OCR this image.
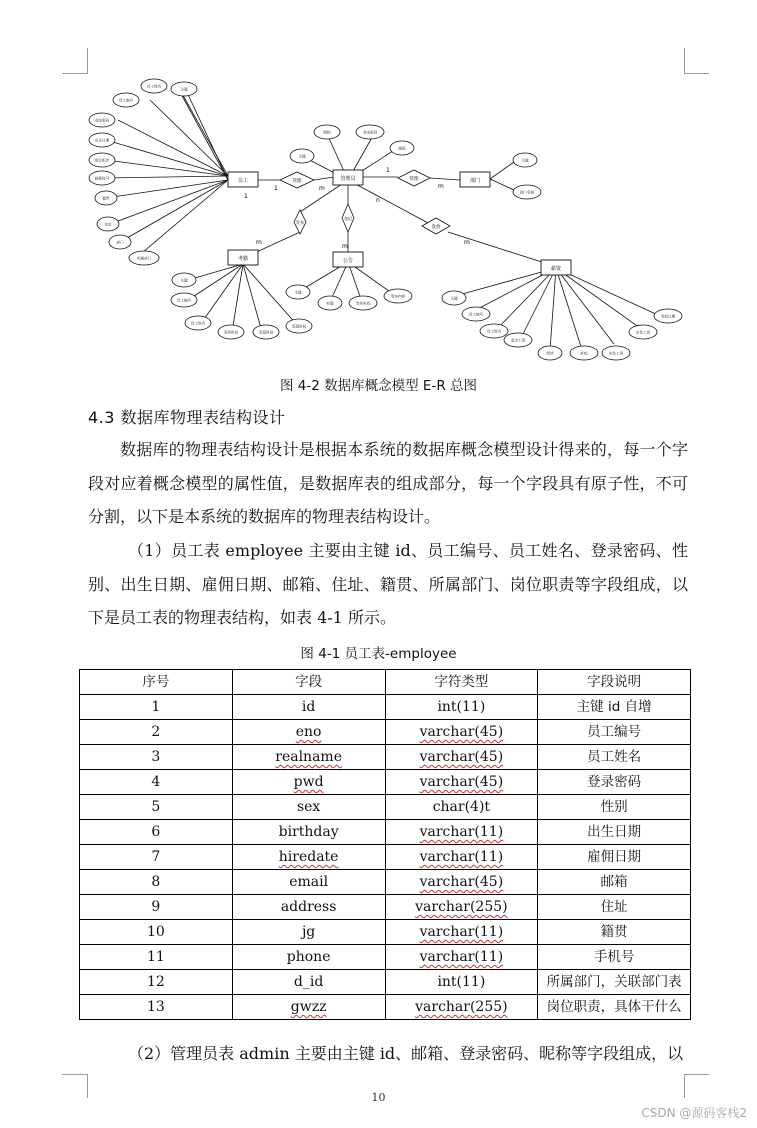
员工	管理员	部门
考勤	公告
薪资
管理	管理
发布
登记
发放
1
1	m
1
m
n
m
m
m
员工姓名
主键
员工编号
登录密码
出生日期
岗位职责
邮箱账号
籍贯
住址
部门
所属部门
昵称	登录密码
主键
邮箱
主键
部门名称
主键
员工编号
员工姓名
签到时间	签退时间
签退时间
主键
标题	发布时间
发布内容	主键
员工编号
员工姓名
基本工资
绩效	补贴	实发工资
应发工资
发放日期
图 4-2 数据库概念模型 E-R 总图
4.3 数据库物理表结构设计

数据库的物理表结构设计是根据本系统的数据库概念模型设计得来的，每一个字段对应着概念模型的属性值，是数据库表的组成部分，每一个字段具有原子性，不可分割，以下是本系统的数据库的物理表结构设计。

（1）员工表 employee 主要由主键 id、员工编号、员工姓名、登录密码、性别、出生日期、雇佣日期、邮箱、住址、籍贯、所属部门、岗位职责等字段组成，以下是员工表的物理表结构，如表 4-1 所示。

图 4-1 员工表-employee
序号	字段	字符类型	字段说明
1	id	int(11)	主键 id 自增
2	eno	varchar(45)	员工编号
3	realname	varchar(45)	员工姓名
4	pwd	varchar(45)	登录密码
5	sex	char(4)t	性别
6	birthday	varchar(11)	出生日期
7	hiredate	varchar(11)	雇佣日期
8	email	varchar(45)	邮箱
9	address	varchar(255)	住址
10	jg	varchar(11)	籍贯
11	phone	varchar(11)	手机号
12	d_id	int(11)	所属部门，关联部门表
13	gwzz	varchar(255)	岗位职责，具体干什么

（2）管理员表 admin 主要由主键 id、邮箱、登录密码、昵称等字段组成，以

10
CSDN @源码客栈2
